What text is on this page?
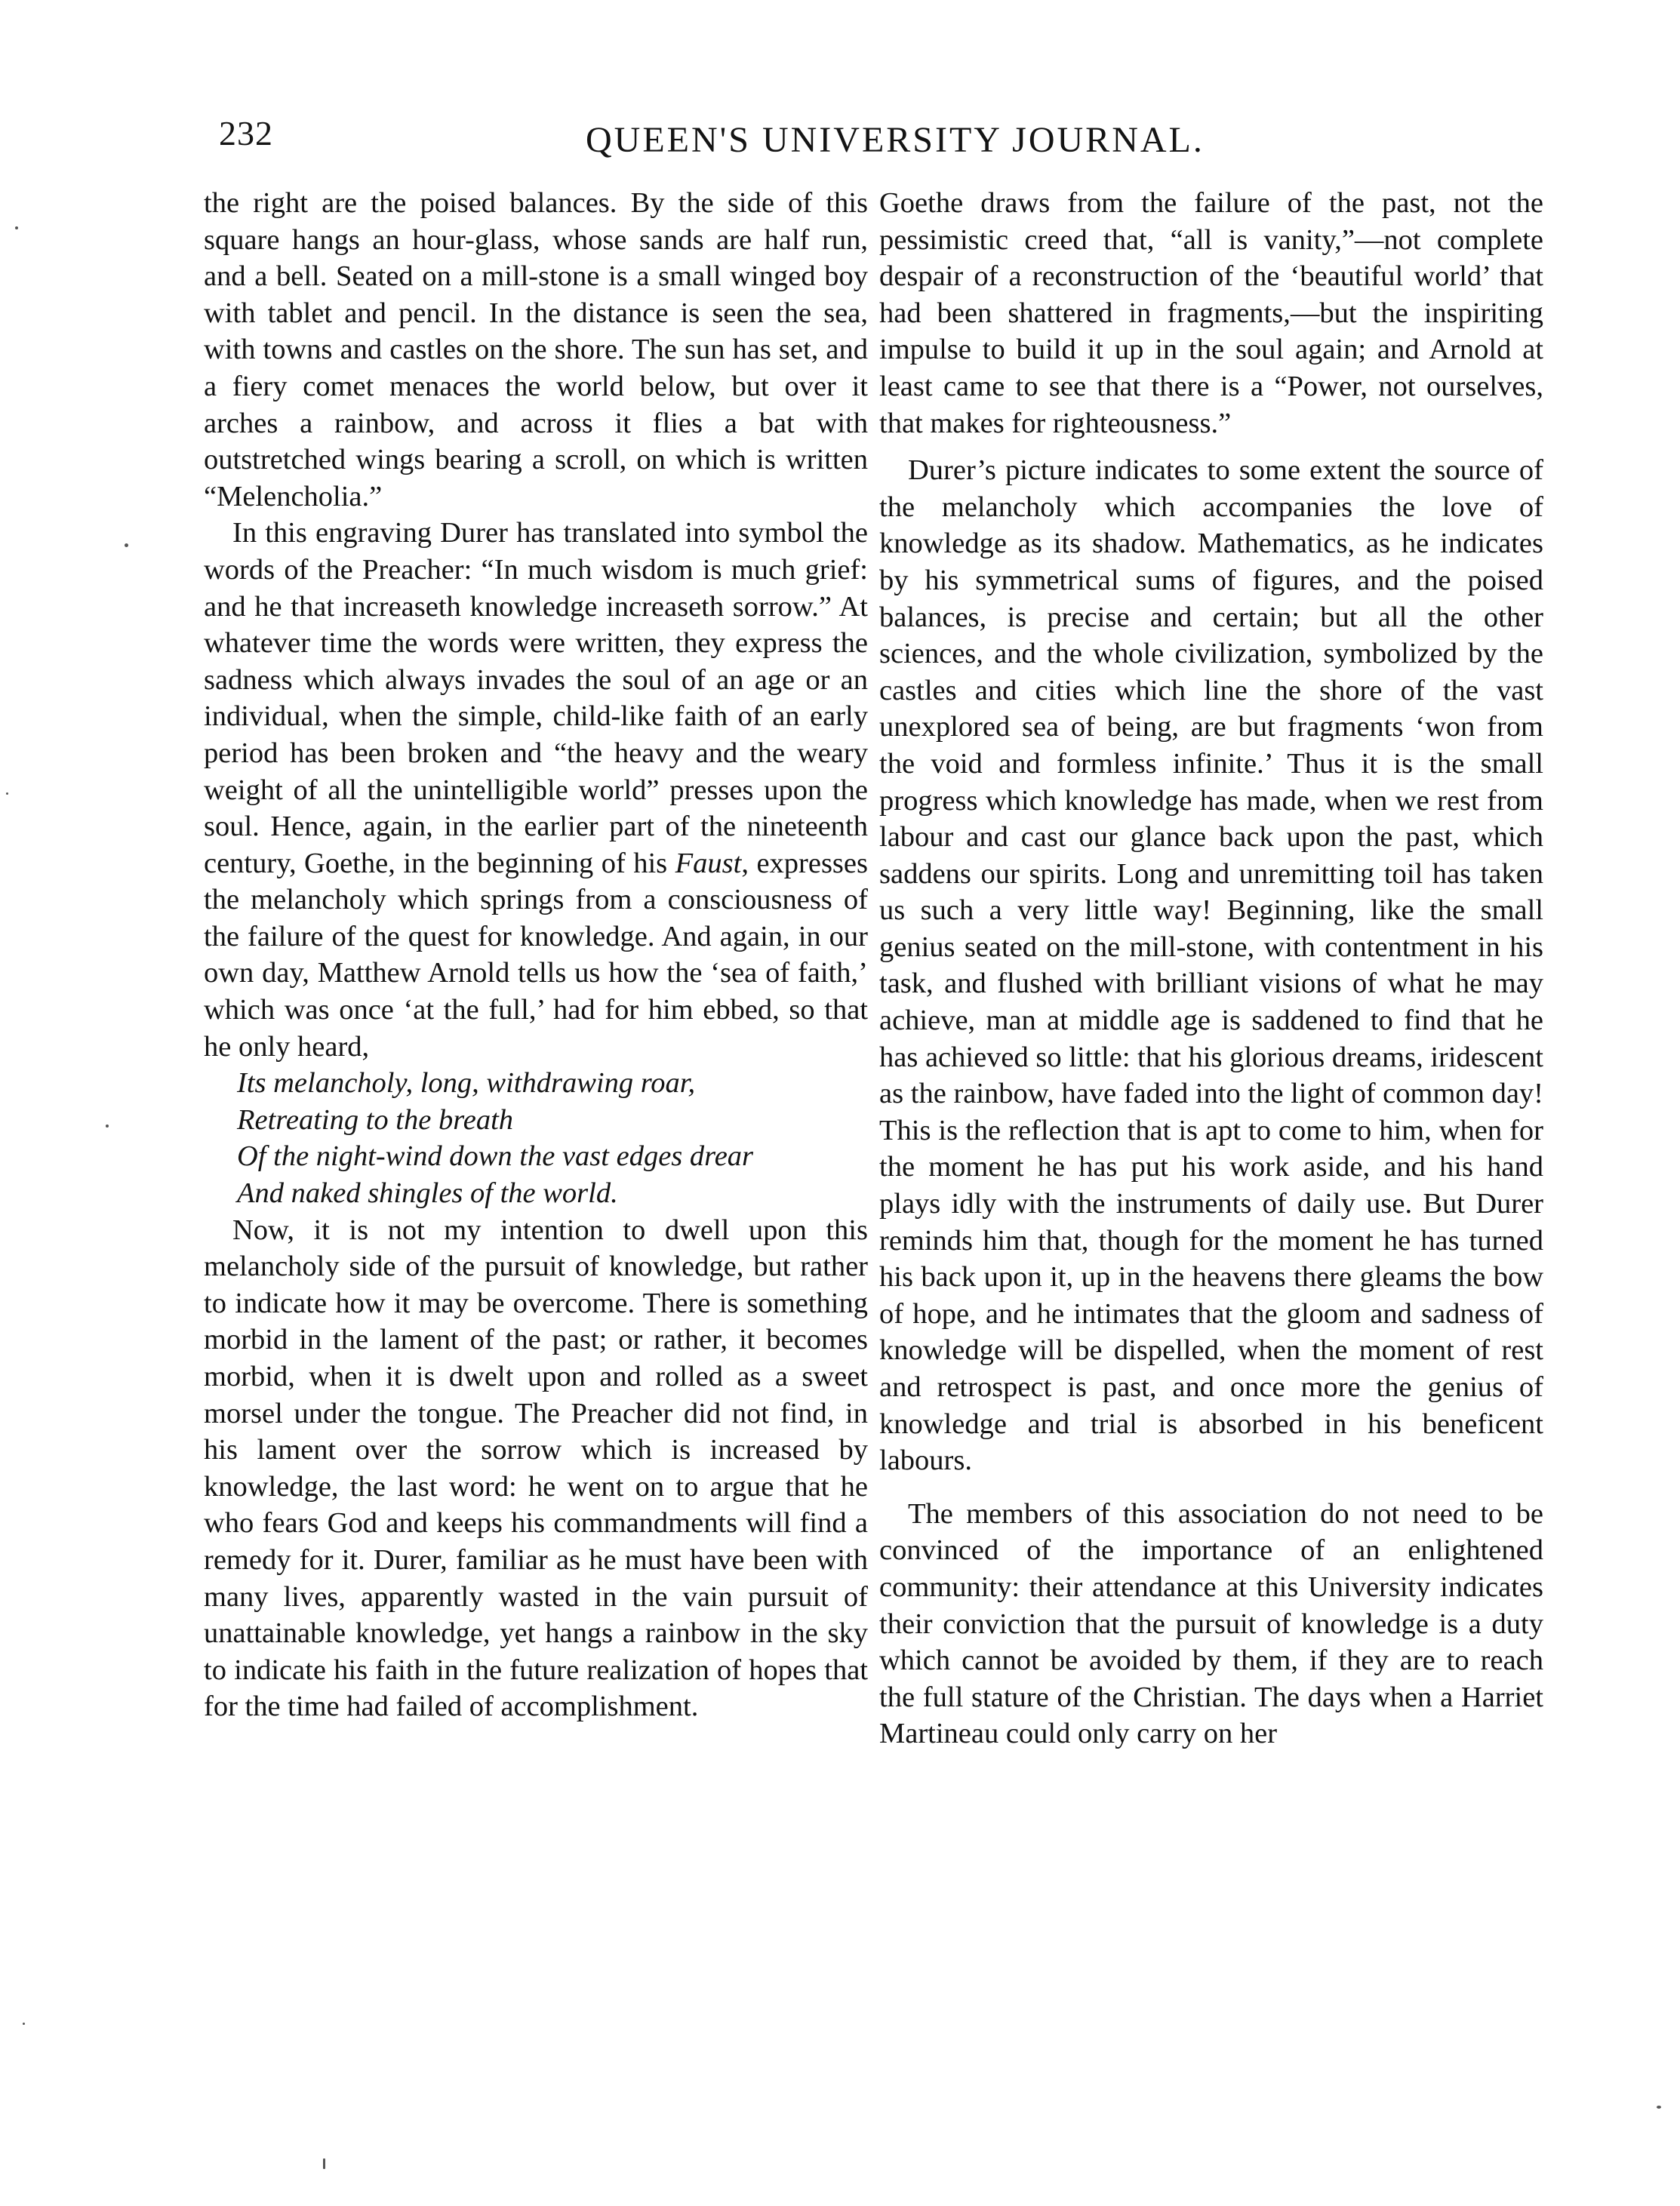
232	QUEEN'S UNIVERSITY JOURNAL.

the right are the poised balances. By the side of this square hangs an hour-glass, whose sands are half run, and a bell. Seated on a mill-stone is a small winged boy with tablet and pencil. In the distance is seen the sea, with towns and castles on the shore. The sun has set, and a fiery comet menaces the world below, but over it arches a rainbow, and across it flies a bat with outstretched wings bearing a scroll, on which is written “Melencholia.”

In this engraving Durer has translated into symbol the words of the Preacher: “In much wisdom is much grief: and he that increaseth knowledge increaseth sorrow.” At whatever time the words were written, they express the sadness which always invades the soul of an age or an individual, when the simple, child-like faith of an early period has been broken and “the heavy and the weary weight of all the unintelligible world” presses upon the soul. Hence, again, in the earlier part of the nineteenth century, Goethe, in the beginning of his Faust, expresses the melancholy which springs from a consciousness of the failure of the quest for knowledge. And again, in our own day, Matthew Arnold tells us how the ‘sea of faith,’ which was once ‘at the full,’ had for him ebbed, so that he only heard,

Its melancholy, long, withdrawing roar,
Retreating to the breath
Of the night-wind down the vast edges drear
And naked shingles of the world.

Now, it is not my intention to dwell upon this melancholy side of the pursuit of knowledge, but rather to indicate how it may be overcome. There is something morbid in the lament of the past; or rather, it becomes morbid, when it is dwelt upon and rolled as a sweet morsel under the tongue. The Preacher did not find, in his lament over the sorrow which is increased by knowledge, the last word: he went on to argue that he who fears God and keeps his commandments will find a remedy for it. Durer, familiar as he must have been with many lives, apparently wasted in the vain pursuit of unattainable knowledge, yet hangs a rainbow in the sky to indicate his faith in the future realization of hopes that for the time had failed of accomplishment.

Goethe draws from the failure of the past, not the pessimistic creed that, “all is vanity,”—not complete despair of a reconstruction of the ‘beautiful world’ that had been shattered in fragments,—but the inspiriting impulse to build it up in the soul again; and Arnold at least came to see that there is a “Power, not ourselves, that makes for righteousness.”

Durer’s picture indicates to some extent the source of the melancholy which accompanies the love of knowledge as its shadow. Mathematics, as he indicates by his symmetrical sums of figures, and the poised balances, is precise and certain; but all the other sciences, and the whole civilization, symbolized by the castles and cities which line the shore of the vast unexplored sea of being, are but fragments ‘won from the void and formless infinite.’ Thus it is the small progress which knowledge has made, when we rest from labour and cast our glance back upon the past, which saddens our spirits. Long and unremitting toil has taken us such a very little way! Beginning, like the small genius seated on the mill-stone, with contentment in his task, and flushed with brilliant visions of what he may achieve, man at middle age is saddened to find that he has achieved so little: that his glorious dreams, iridescent as the rainbow, have faded into the light of common day! This is the reflection that is apt to come to him, when for the moment he has put his work aside, and his hand plays idly with the instruments of daily use. But Durer reminds him that, though for the moment he has turned his back upon it, up in the heavens there gleams the bow of hope, and he intimates that the gloom and sadness of knowledge will be dispelled, when the moment of rest and retrospect is past, and once more the genius of knowledge and trial is absorbed in his beneficent labours.

The members of this association do not need to be convinced of the importance of an enlightened community: their attendance at this University indicates their conviction that the pursuit of knowledge is a duty which cannot be avoided by them, if they are to reach the full stature of the Christian. The days when a Harriet Martineau could only carry on her
